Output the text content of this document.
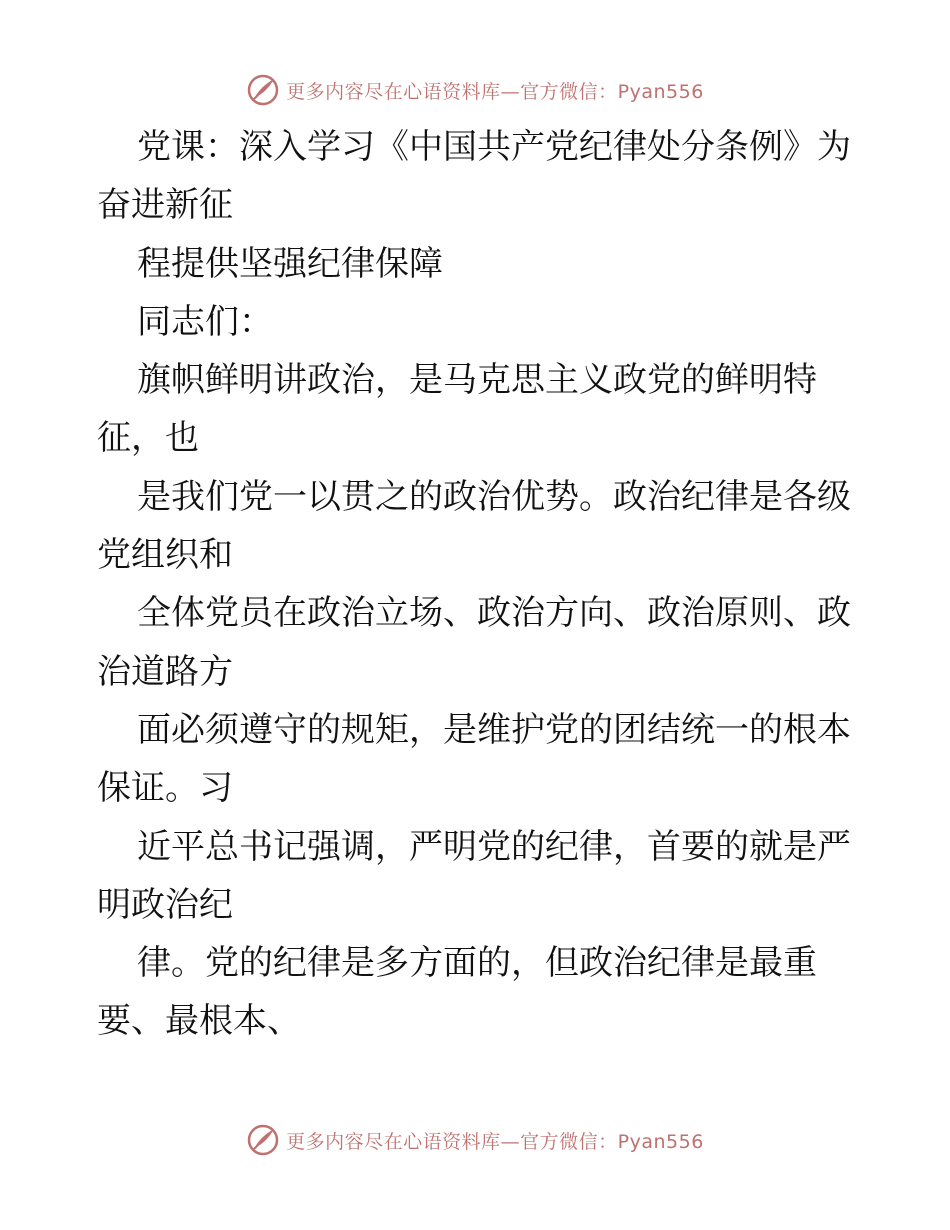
更多内容尽在心语资料库—官方微信：Pyan556
党课：深入学习《中国共产党纪律处分条例》为
奋进新征
程提供坚强纪律保障
同志们：
旗帜鲜明讲政治，是马克思主义政党的鲜明特
征，也
是我们党一以贯之的政治优势。政治纪律是各级
党组织和
全体党员在政治立场、政治方向、政治原则、政
治道路方
面必须遵守的规矩，是维护党的团结统一的根本
保证。习
近平总书记强调，严明党的纪律，首要的就是严
明政治纪
律。党的纪律是多方面的，但政治纪律是最重
要、最根本、
更多内容尽在心语资料库—官方微信：Pyan556
